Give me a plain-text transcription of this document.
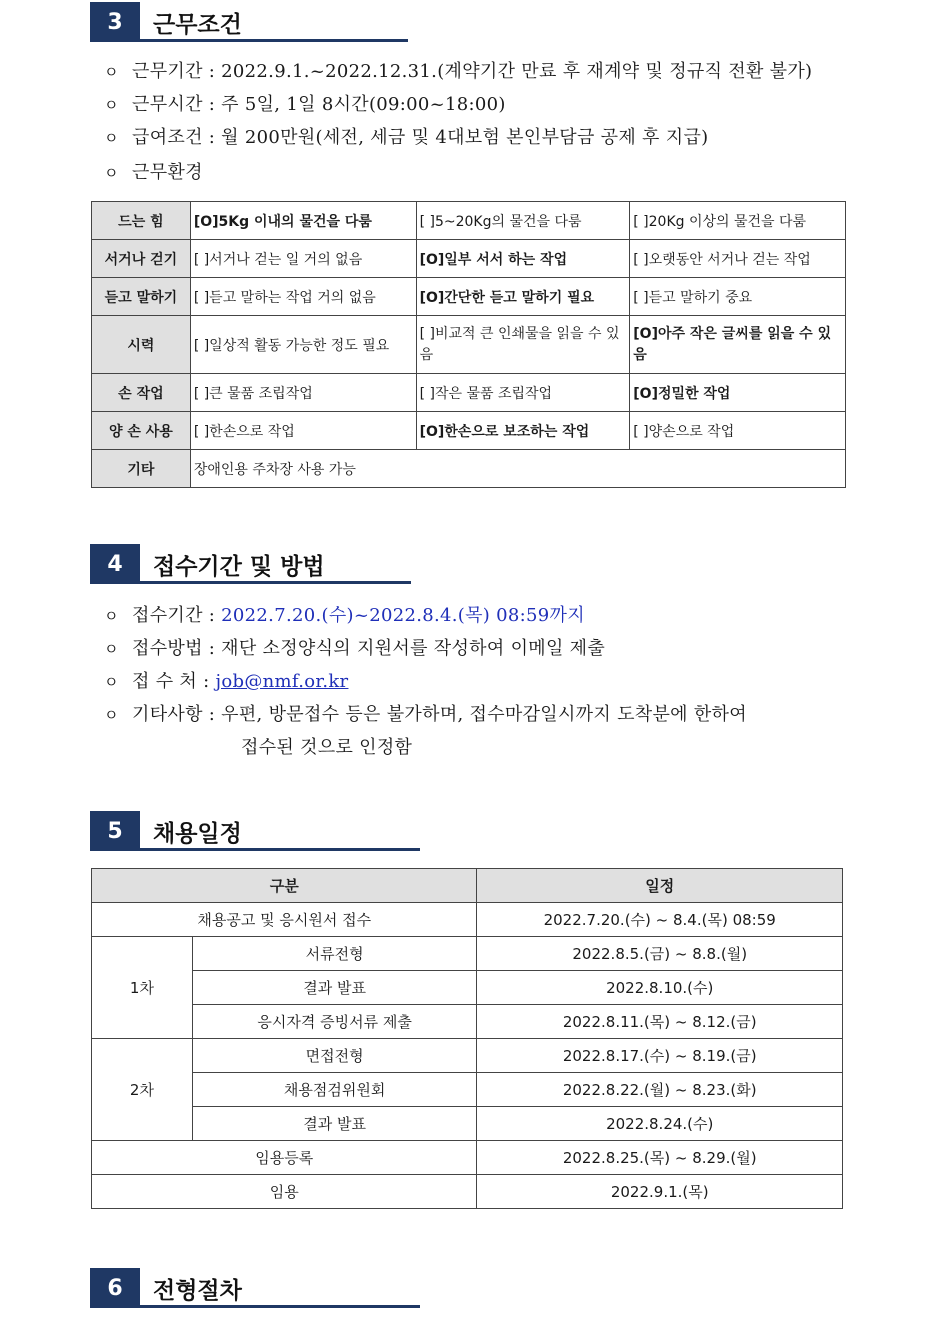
3	근무조건
ㅇ 근무기간 : 2022.9.1.~2022.12.31.(계약기간 만료 후 재계약 및 정규직 전환 불가)
ㅇ 근무시간 : 주 5일, 1일 8시간(09:00~18:00)
ㅇ 급여조건 : 월 200만원(세전, 세금 및 4대보험 본인부담금 공제 후 지급)
ㅇ 근무환경
드는 힘	[O]5Kg 이내의 물건을 다룸	[ ]5~20Kg의 물건을 다룸	[ ]20Kg 이상의 물건을 다룸
서거나 걷기	[ ]서거나 걷는 일 거의 없음	[O]일부 서서 하는 작업	[ ]오랫동안 서거나 걷는 작업
듣고 말하기	[ ]듣고 말하는 작업 거의 없음	[O]간단한 듣고 말하기 필요	[ ]듣고 말하기 중요
시력	[ ]일상적 활동 가능한 정도 필요	[ ]비교적 큰 인쇄물을 읽을 수 있음	[O]아주 작은 글씨를 읽을 수 있음
손 작업	[ ]큰 물품 조립작업	[ ]작은 물품 조립작업	[O]정밀한 작업
양 손 사용	[ ]한손으로 작업	[O]한손으로 보조하는 작업	[ ]양손으로 작업
기타	장애인용 주차장 사용 가능		
4	접수기간 및 방법
ㅇ 접수기간 : 2022.7.20.(수)~2022.8.4.(목) 08:59까지
ㅇ 접수방법 : 재단 소정양식의 지원서를 작성하여 이메일 제출
ㅇ 접 수 처 : job@nmf.or.kr
ㅇ 기타사항 : 우편, 방문접수 등은 불가하며, 접수마감일시까지 도착분에 한하여
접수된 것으로 인정함
5	채용일정
구분		일정
채용공고 및 응시원서 접수		2022.7.20.(수) ~ 8.4.(목) 08:59
1차	서류전형	2022.8.5.(금) ~ 8.8.(월)
	결과 발표	2022.8.10.(수)
	응시자격 증빙서류 제출	2022.8.11.(목) ~ 8.12.(금)
2차	면접전형	2022.8.17.(수) ~ 8.19.(금)
	채용점검위원회	2022.8.22.(월) ~ 8.23.(화)
	결과 발표	2022.8.24.(수)
임용등록		2022.8.25.(목) ~ 8.29.(월)
임용		2022.9.1.(목)
6	전형절차
